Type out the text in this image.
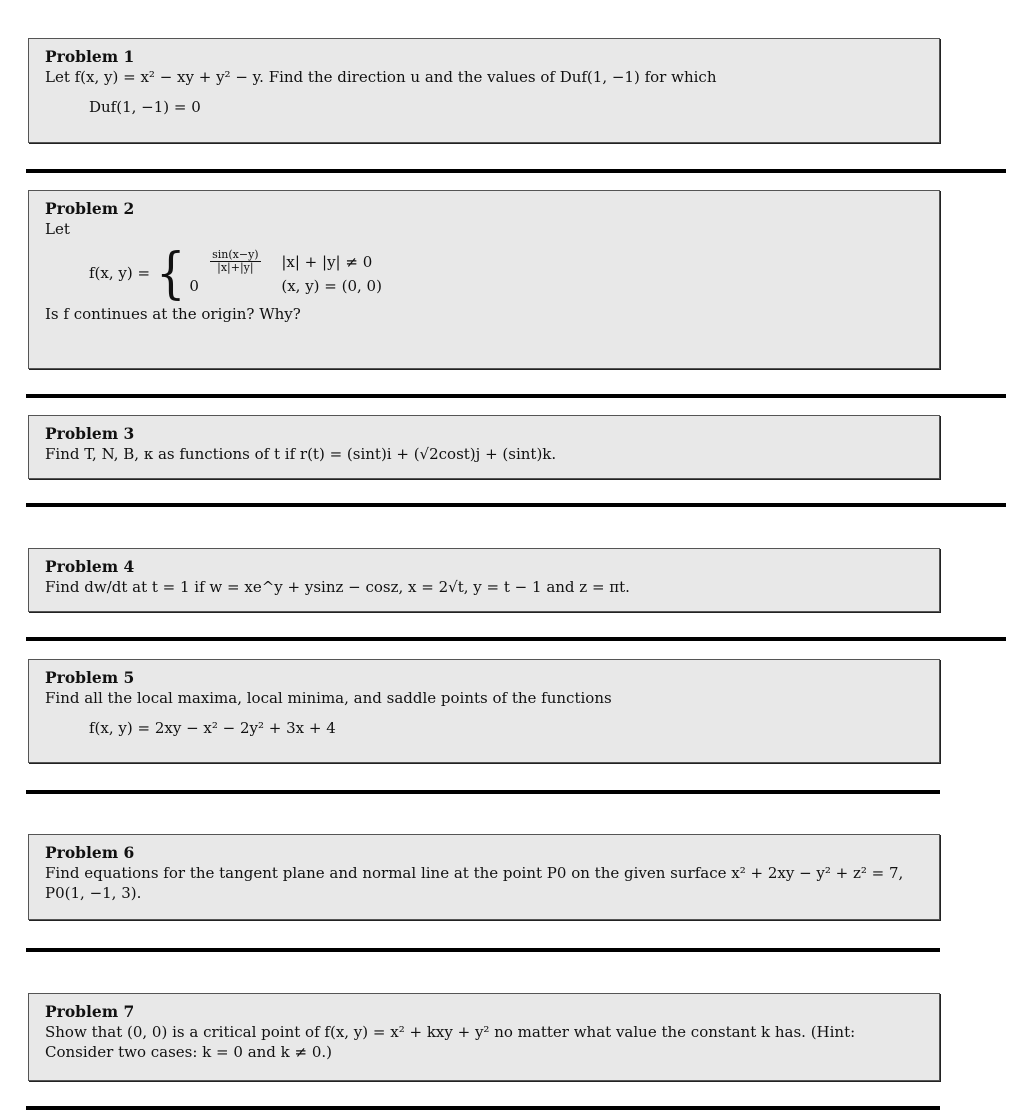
Problem 1
Let f(x, y) = x² − xy + y² − y. Find the direction u and the values of Duf(1, −1) for which
Duf(1, −1) = 0
Problem 2
Let
f(x, y) = { $\frac{\sin(x-y)}{|x|+|y|} |x| + |y| \ne 0$
0	(x, y) = (0, 0)
Is f continues at the origin? Why?
Problem 3
Find T, N, B, κ as functions of t if r(t) = (sint)i + (√2cost)j + (sint)k.
Problem 4
Find dw/dt at t = 1 if w = xe^y + ysinz − cosz, x = 2√t, y = t − 1 and z = πt.
Problem 5
Find all the local maxima, local minima, and saddle points of the functions
f(x, y) = 2xy − x² − 2y² + 3x + 4
Problem 6
Find equations for the tangent plane and normal line at the point P0 on the given surface x² + 2xy − y² + z² = 7, P0(1, −1, 3).
Problem 7
Show that (0, 0) is a critical point of f(x, y) = x² + kxy + y² no matter what value the constant k has. (Hint: Consider two cases: k = 0 and k ≠ 0.)
